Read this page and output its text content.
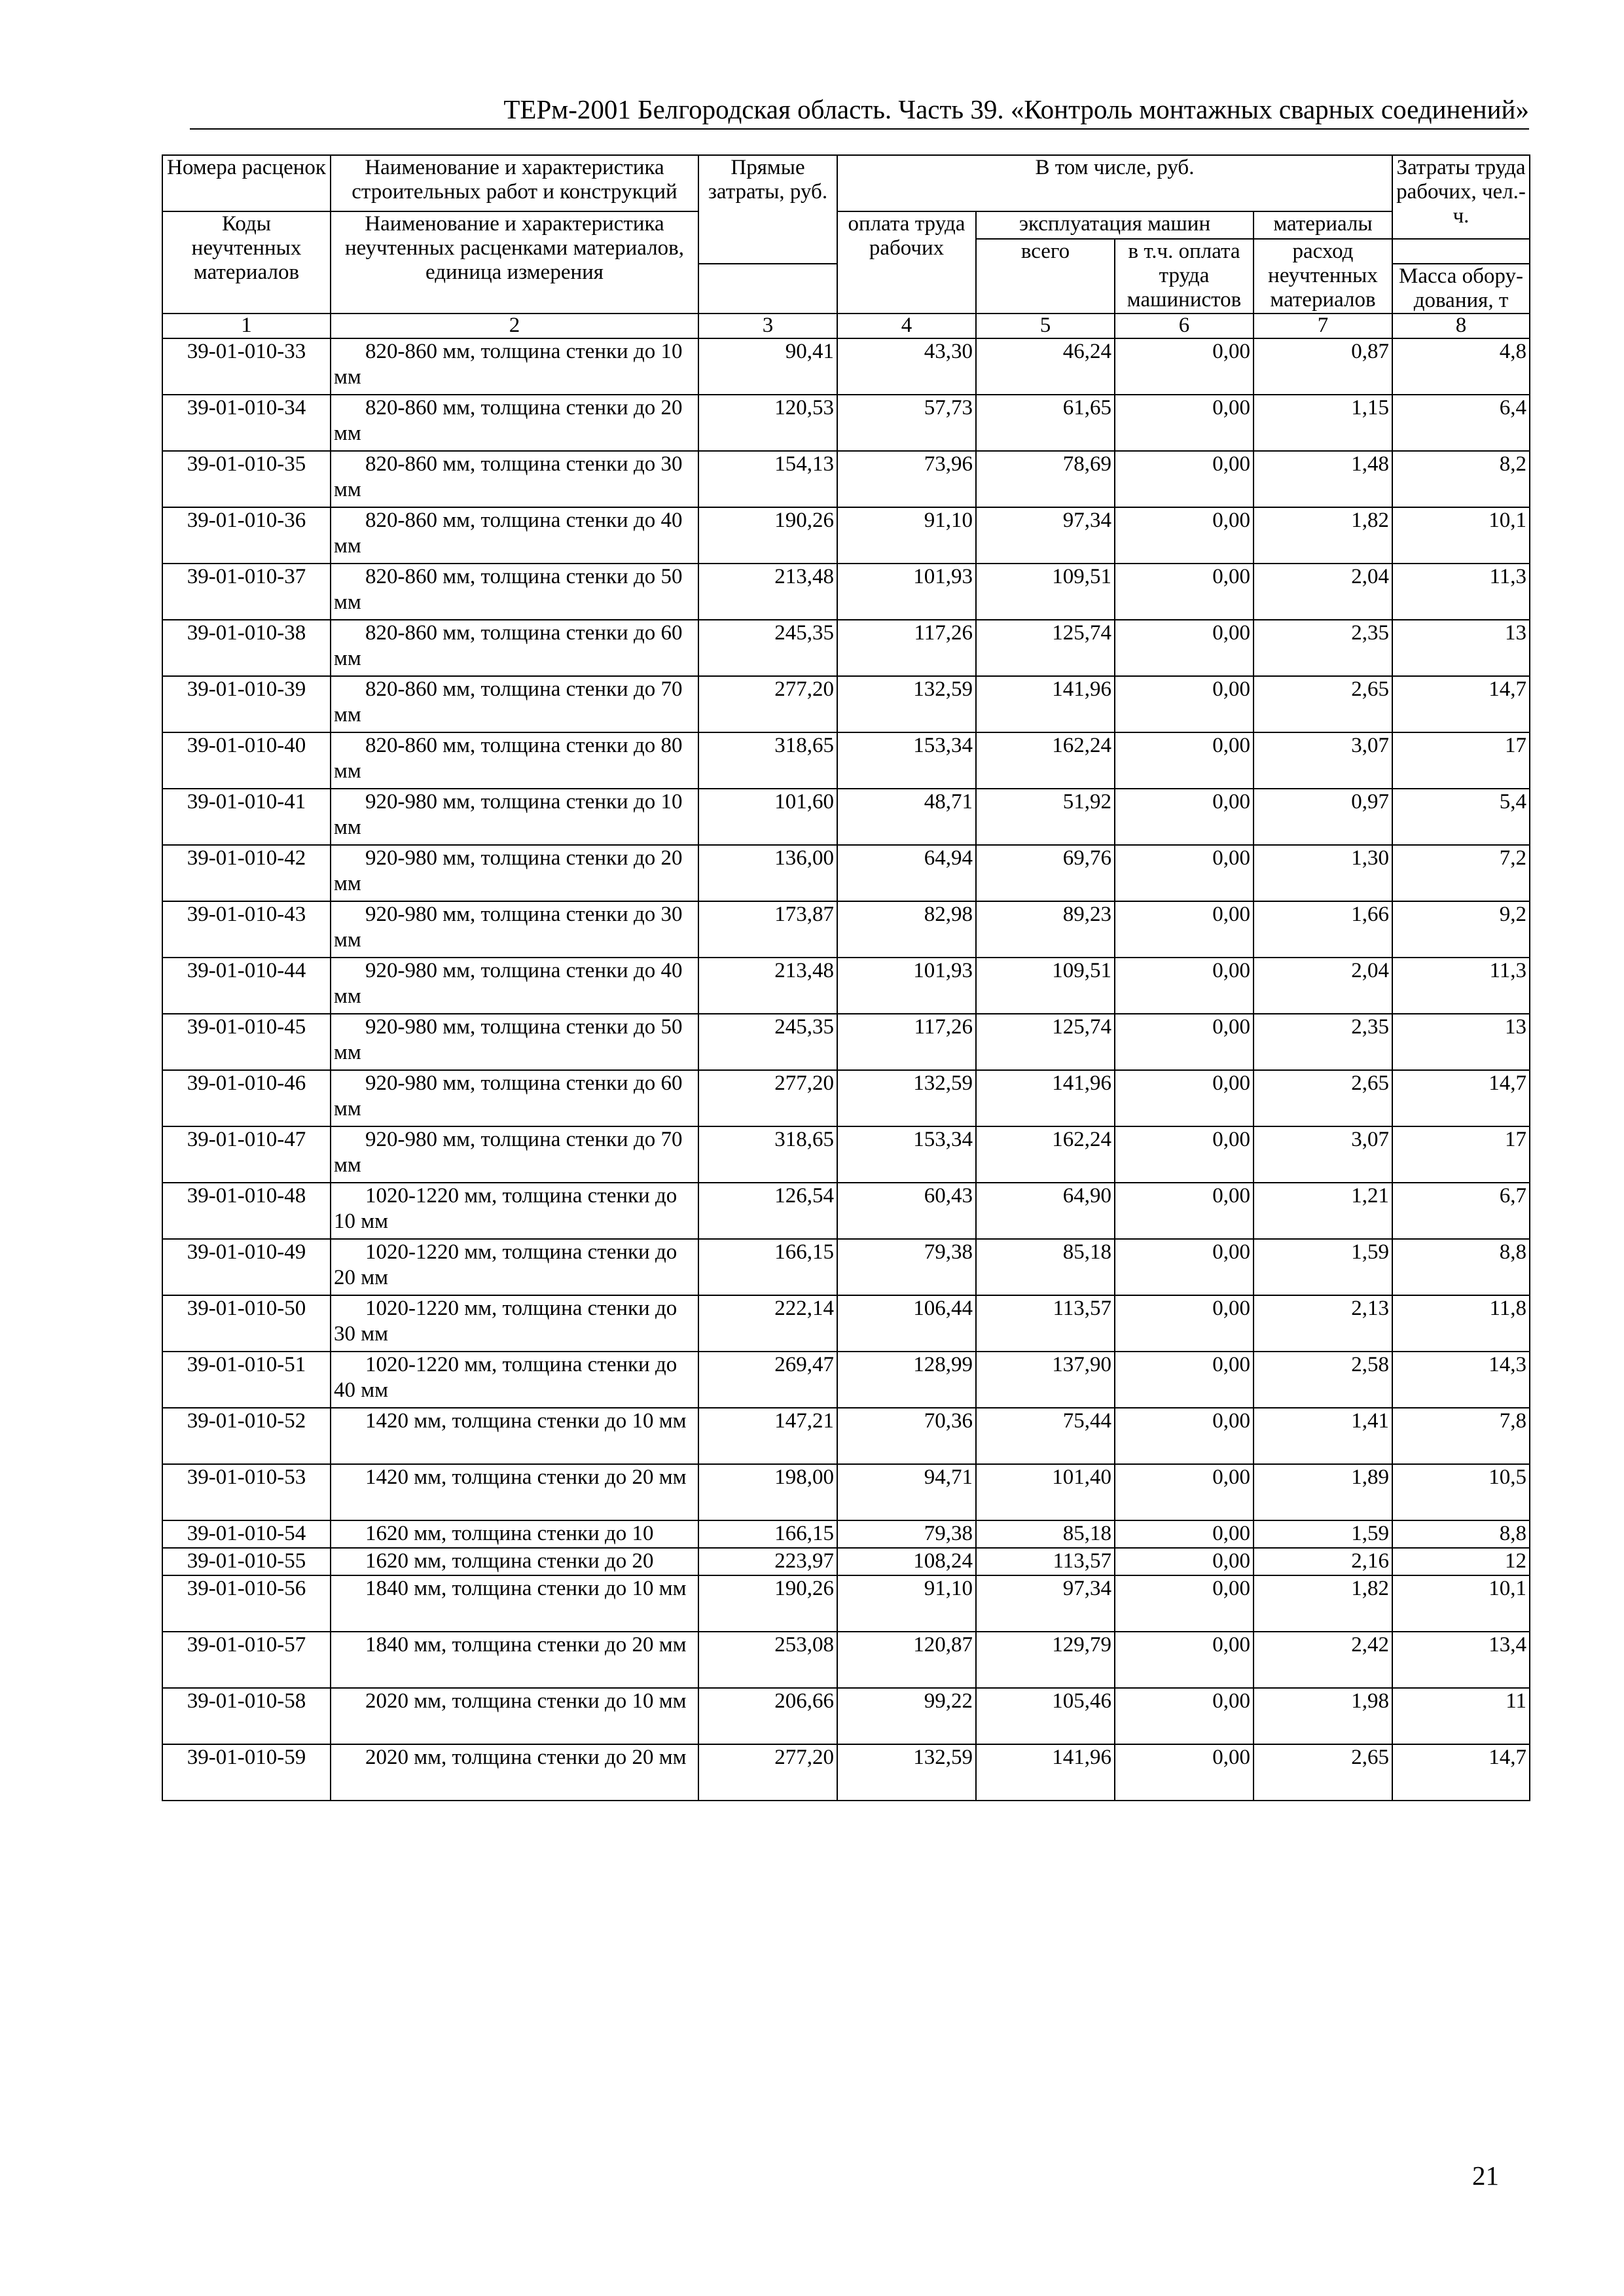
ТЕРм-2001 Белгородская область. Часть 39. «Контроль монтажных сварных соединений»
Номера расценок	Наименование и характеристика строительных работ и конструкций	Прямые затраты, руб.	В том числе, руб.				Затраты труда рабочих, чел.-ч.
Коды неучтенных материалов	Наименование и характеристика неучтенных расценками материалов, единица измерения		оплата труда рабочих	эксплуатация машин		материалы	
				всего	в т.ч. оплата труда машинистов	расход неучтенных материалов	
							Масса обору-дования, т
1	2	3	4	5	6	7	8
39-01-010-33	820-860 мм, толщина стенки до 10 мм	90,41	43,30	46,24	0,00	0,87	4,8
39-01-010-34	820-860 мм, толщина стенки до 20 мм	120,53	57,73	61,65	0,00	1,15	6,4
39-01-010-35	820-860 мм, толщина стенки до 30 мм	154,13	73,96	78,69	0,00	1,48	8,2
39-01-010-36	820-860 мм, толщина стенки до 40 мм	190,26	91,10	97,34	0,00	1,82	10,1
39-01-010-37	820-860 мм, толщина стенки до 50 мм	213,48	101,93	109,51	0,00	2,04	11,3
39-01-010-38	820-860 мм, толщина стенки до 60 мм	245,35	117,26	125,74	0,00	2,35	13
39-01-010-39	820-860 мм, толщина стенки до 70 мм	277,20	132,59	141,96	0,00	2,65	14,7
39-01-010-40	820-860 мм, толщина стенки до 80 мм	318,65	153,34	162,24	0,00	3,07	17
39-01-010-41	920-980 мм, толщина стенки до 10 мм	101,60	48,71	51,92	0,00	0,97	5,4
39-01-010-42	920-980 мм, толщина стенки до 20 мм	136,00	64,94	69,76	0,00	1,30	7,2
39-01-010-43	920-980 мм, толщина стенки до 30 мм	173,87	82,98	89,23	0,00	1,66	9,2
39-01-010-44	920-980 мм, толщина стенки до 40 мм	213,48	101,93	109,51	0,00	2,04	11,3
39-01-010-45	920-980 мм, толщина стенки до 50 мм	245,35	117,26	125,74	0,00	2,35	13
39-01-010-46	920-980 мм, толщина стенки до 60 мм	277,20	132,59	141,96	0,00	2,65	14,7
39-01-010-47	920-980 мм, толщина стенки до 70 мм	318,65	153,34	162,24	0,00	3,07	17
39-01-010-48	1020-1220 мм, толщина стенки до 10 мм	126,54	60,43	64,90	0,00	1,21	6,7
39-01-010-49	1020-1220 мм, толщина стенки до 20 мм	166,15	79,38	85,18	0,00	1,59	8,8
39-01-010-50	1020-1220 мм, толщина стенки до 30 мм	222,14	106,44	113,57	0,00	2,13	11,8
39-01-010-51	1020-1220 мм, толщина стенки до 40 мм	269,47	128,99	137,90	0,00	2,58	14,3
39-01-010-52	1420 мм, толщина стенки до 10 мм	147,21	70,36	75,44	0,00	1,41	7,8
39-01-010-53	1420 мм, толщина стенки до 20 мм	198,00	94,71	101,40	0,00	1,89	10,5
39-01-010-54	1620 мм, толщина стенки до 10	166,15	79,38	85,18	0,00	1,59	8,8
39-01-010-55	1620 мм, толщина стенки до 20	223,97	108,24	113,57	0,00	2,16	12
39-01-010-56	1840 мм, толщина стенки до 10 мм	190,26	91,10	97,34	0,00	1,82	10,1
39-01-010-57	1840 мм, толщина стенки до 20 мм	253,08	120,87	129,79	0,00	2,42	13,4
39-01-010-58	2020 мм, толщина стенки до 10 мм	206,66	99,22	105,46	0,00	1,98	11
39-01-010-59	2020 мм, толщина стенки до 20 мм	277,20	132,59	141,96	0,00	2,65	14,7
21
